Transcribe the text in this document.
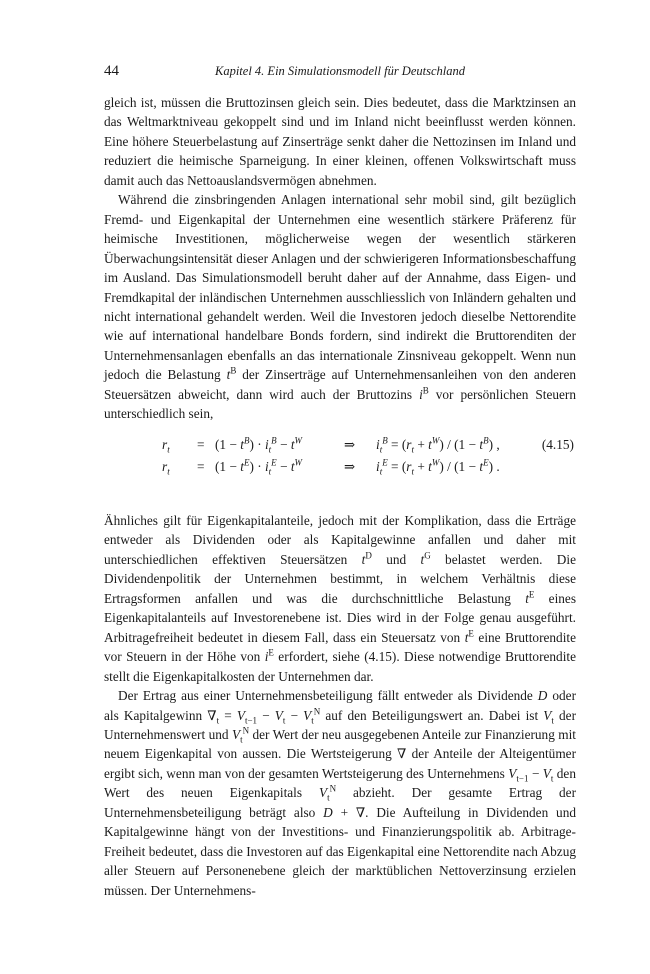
44	Kapitel 4. Ein Simulationsmodell für Deutschland

gleich ist, müssen die Bruttozinsen gleich sein. Dies bedeutet, dass die Marktzinsen an das Weltmarktniveau gekoppelt sind und im Inland nicht beeinflusst werden können. Eine höhere Steuerbelastung auf Zinserträge senkt daher die Nettozinsen im Inland und reduziert die heimische Sparneigung. In einer kleinen, offenen Volkswirtschaft muss damit auch das Nettoauslandsvermögen abnehmen.

Während die zinsbringenden Anlagen international sehr mobil sind, gilt bezüglich Fremd- und Eigenkapital der Unternehmen eine wesentlich stärkere Präferenz für heimische Investitionen, möglicherweise wegen der wesentlich stärkeren Überwachungsintensität dieser Anlagen und der schwierigeren Informationsbeschaffung im Ausland. Das Simulationsmodell beruht daher auf der Annahme, dass Eigen- und Fremdkapital der inländischen Unternehmen ausschliesslich von Inländern gehalten und nicht international gehandelt werden. Weil die Investoren jedoch dieselbe Nettorendite wie auf international handelbare Bonds fordern, sind indirekt die Bruttorenditen der Unternehmensanlagen ebenfalls an das internationale Zinsniveau gekoppelt. Wenn nun jedoch die Belastung $t^B$ der Zinserträge auf Unternehmensanleihen von den anderen Steuersätzen abweicht, dann wird auch der Bruttozins $i^B$ vor persönlichen Steuern unterschiedlich sein,

$r_t = (1 - t^B) \cdot i_t^B - t^W$	⇒ $i_t^B = (r_t + t^W) / (1 - t^B)$ ,	(4.15)
$r_t = (1 - t^E) \cdot i_t^E - t^W$	⇒ $i_t^E = (r_t + t^W) / (1 - t^E)$ .

Ähnliches gilt für Eigenkapitalanteile, jedoch mit der Komplikation, dass die Erträge entweder als Dividenden oder als Kapitalgewinne anfallen und daher mit unterschiedlichen effektiven Steuersätzen $t^D$ und $t^G$ belastet werden. Die Dividendenpolitik der Unternehmen bestimmt, in welchem Verhältnis diese Ertragsformen anfallen und was die durchschnittliche Belastung $t^E$ eines Eigenkapitalanteils auf Investorenebene ist. Dies wird in der Folge genau ausgeführt. Arbitragefreiheit bedeutet in diesem Fall, dass ein Steuersatz von $t^E$ eine Bruttorendite vor Steuern in der Höhe von $i^E$ erfordert, siehe (4.15). Diese notwendige Bruttorendite stellt die Eigenkapitalkosten der Unternehmen dar.

Der Ertrag aus einer Unternehmensbeteiligung fällt entweder als Dividende D oder als Kapitalgewinn $\nabla_t = V_{t-1} - V_t - V_t^N$ auf den Beteiligungswert an. Dabei ist $V_t$ der Unternehmenswert und $V_t^N$ der Wert der neu ausgegebenen Anteile zur Finanzierung mit neuem Eigenkapital von aussen. Die Wertsteigerung ∇ der Anteile der Alteigentümer ergibt sich, wenn man von der gesamten Wertsteigerung des Unternehmens $V_{t-1} - V_t$ den Wert des neuen Eigenkapitals $V_t^N$ abzieht. Der gesamte Ertrag der Unternehmensbeteiligung beträgt also D + ∇. Die Aufteilung in Dividenden und Kapitalgewinne hängt von der Investitions- und Finanzierungspolitik ab. Arbitrage-Freiheit bedeutet, dass die Investoren auf das Eigenkapital eine Nettorendite nach Abzug aller Steuern auf Personenebene gleich der marktüblichen Nettoverzinsung erzielen müssen. Der Unternehmens-
